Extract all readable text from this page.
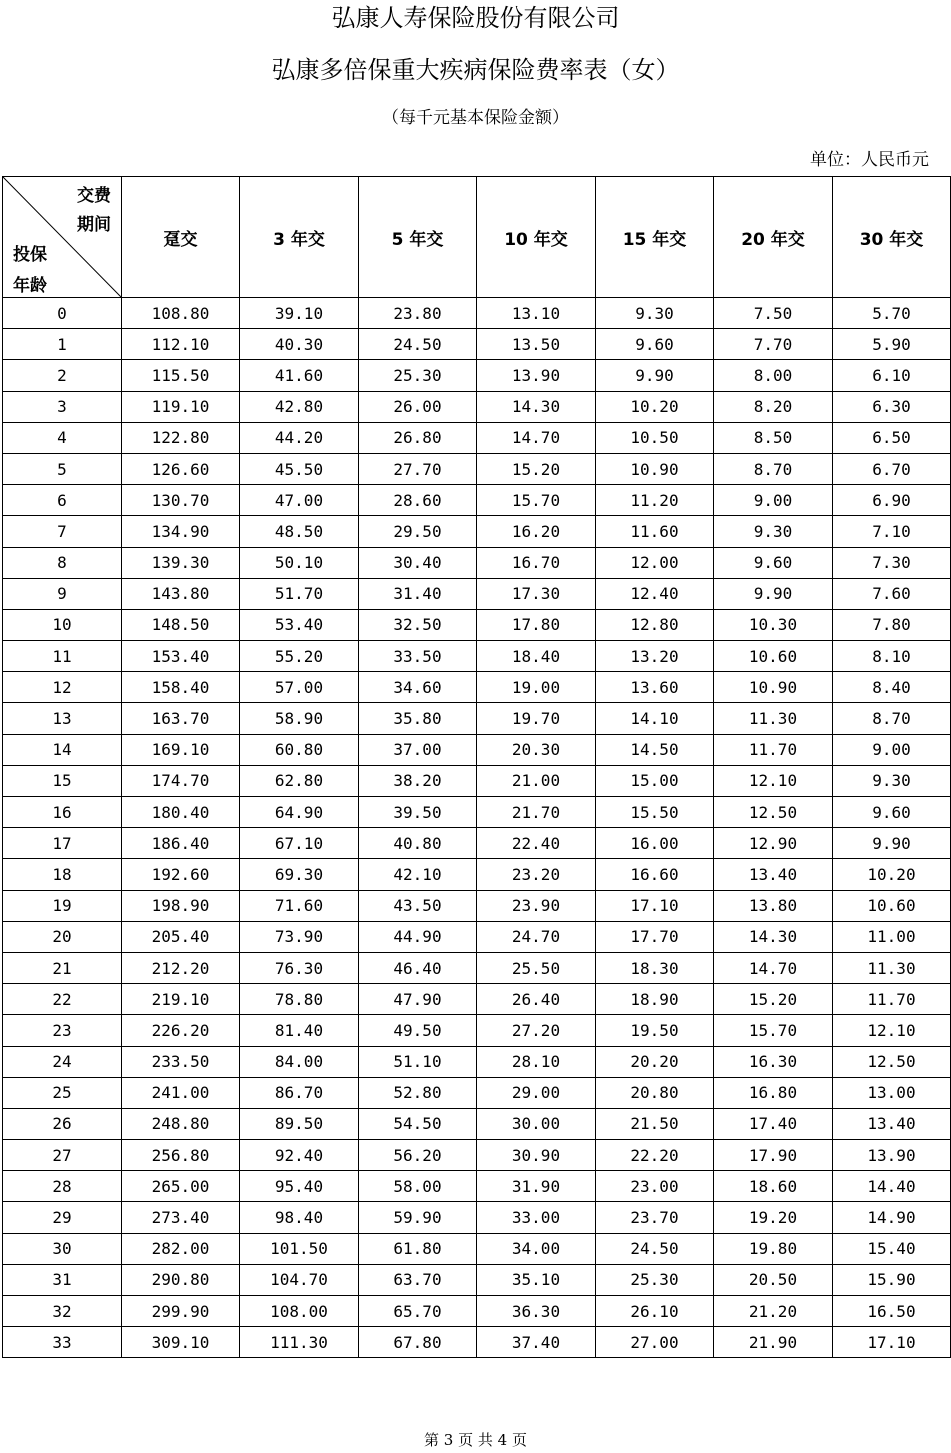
弘康人寿保险股份有限公司
弘康多倍保重大疾病保险费率表（女）
（每千元基本保险金额）
单位：人民币元
交费
期间
投保
年龄	趸交	3 年交	5 年交	10 年交	15 年交	20 年交	30 年交
0	108.80	39.10	23.80	13.10	9.30	7.50	5.70
1	112.10	40.30	24.50	13.50	9.60	7.70	5.90
2	115.50	41.60	25.30	13.90	9.90	8.00	6.10
3	119.10	42.80	26.00	14.30	10.20	8.20	6.30
4	122.80	44.20	26.80	14.70	10.50	8.50	6.50
5	126.60	45.50	27.70	15.20	10.90	8.70	6.70
6	130.70	47.00	28.60	15.70	11.20	9.00	6.90
7	134.90	48.50	29.50	16.20	11.60	9.30	7.10
8	139.30	50.10	30.40	16.70	12.00	9.60	7.30
9	143.80	51.70	31.40	17.30	12.40	9.90	7.60
10	148.50	53.40	32.50	17.80	12.80	10.30	7.80
11	153.40	55.20	33.50	18.40	13.20	10.60	8.10
12	158.40	57.00	34.60	19.00	13.60	10.90	8.40
13	163.70	58.90	35.80	19.70	14.10	11.30	8.70
14	169.10	60.80	37.00	20.30	14.50	11.70	9.00
15	174.70	62.80	38.20	21.00	15.00	12.10	9.30
16	180.40	64.90	39.50	21.70	15.50	12.50	9.60
17	186.40	67.10	40.80	22.40	16.00	12.90	9.90
18	192.60	69.30	42.10	23.20	16.60	13.40	10.20
19	198.90	71.60	43.50	23.90	17.10	13.80	10.60
20	205.40	73.90	44.90	24.70	17.70	14.30	11.00
21	212.20	76.30	46.40	25.50	18.30	14.70	11.30
22	219.10	78.80	47.90	26.40	18.90	15.20	11.70
23	226.20	81.40	49.50	27.20	19.50	15.70	12.10
24	233.50	84.00	51.10	28.10	20.20	16.30	12.50
25	241.00	86.70	52.80	29.00	20.80	16.80	13.00
26	248.80	89.50	54.50	30.00	21.50	17.40	13.40
27	256.80	92.40	56.20	30.90	22.20	17.90	13.90
28	265.00	95.40	58.00	31.90	23.00	18.60	14.40
29	273.40	98.40	59.90	33.00	23.70	19.20	14.90
30	282.00	101.50	61.80	34.00	24.50	19.80	15.40
31	290.80	104.70	63.70	35.10	25.30	20.50	15.90
32	299.90	108.00	65.70	36.30	26.10	21.20	16.50
33	309.10	111.30	67.80	37.40	27.00	21.90	17.10
第 3 页 共 4 页
